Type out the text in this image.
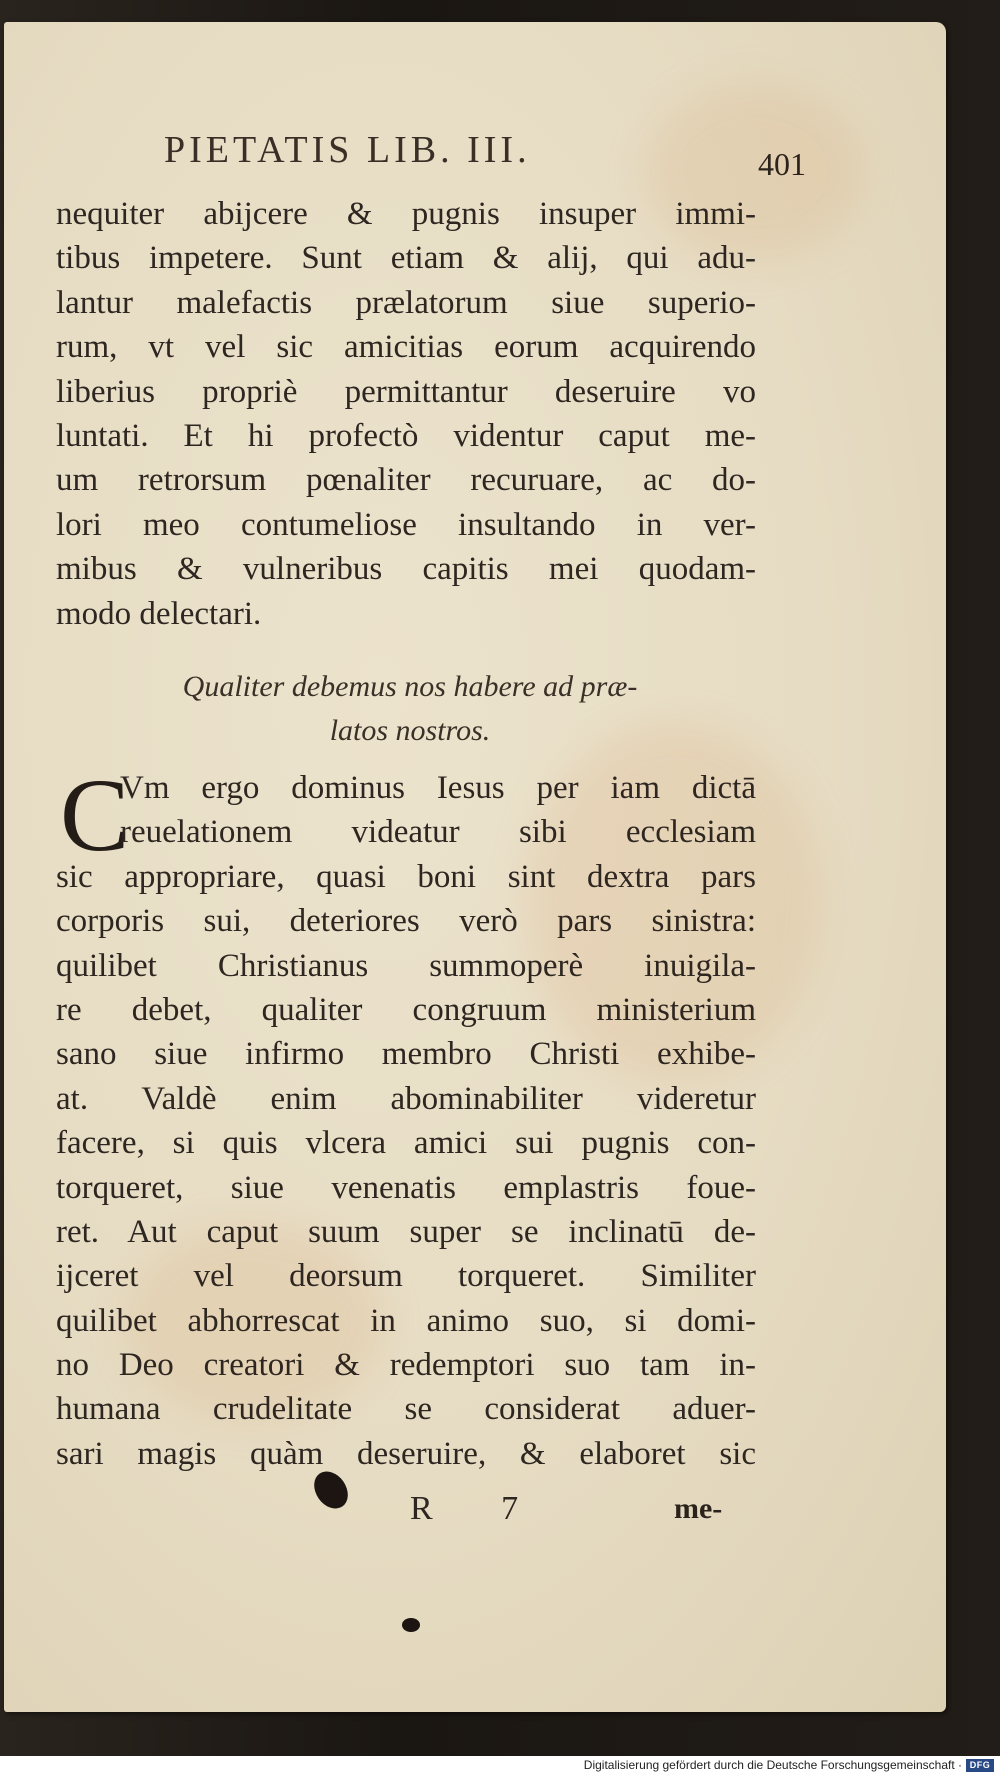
PIETATIS LIB. III.	401
nequiter abijcere & pugnis insuper immi-
tibus impetere. Sunt etiam & alij, qui adu-
lantur malefactis prælatorum siue superio-
rum, vt vel sic amicitias eorum acquirendo
liberius propriè permittantur deseruire vo
luntati. Et hi profectò videntur caput me-
um retrorsum pœnaliter recuruare, ac do-
lori meo contumeliose insultando in ver-
mibus & vulneribus capitis mei quodam-
modo delectari.
Qualiter debemus nos habere ad præ-
latos nostros.
C
Vm ergo dominus Iesus per iam dictā
reuelationem videatur sibi ecclesiam
sic appropriare, quasi boni sint dextra pars
corporis sui, deteriores verò pars sinistra:
quilibet Christianus summoperè inuigila-
re debet, qualiter congruum ministerium
sano siue infirmo membro Christi exhibe-
at. Valdè enim abominabiliter videretur
facere, si quis vlcera amici sui pugnis con-
torqueret, siue venenatis emplastris foue-
ret. Aut caput suum super se inclinatū de-
ijceret vel deorsum torqueret. Similiter
quilibet abhorrescat in animo suo, si domi-
no Deo creatori & redemptori suo tam in-
humana crudelitate se considerat aduer-
sari magis quàm deseruire, & elaboret sic
R 7	me-
Digitalisierung gefördert durch die Deutsche Forschungsgemeinschaft · DFG
